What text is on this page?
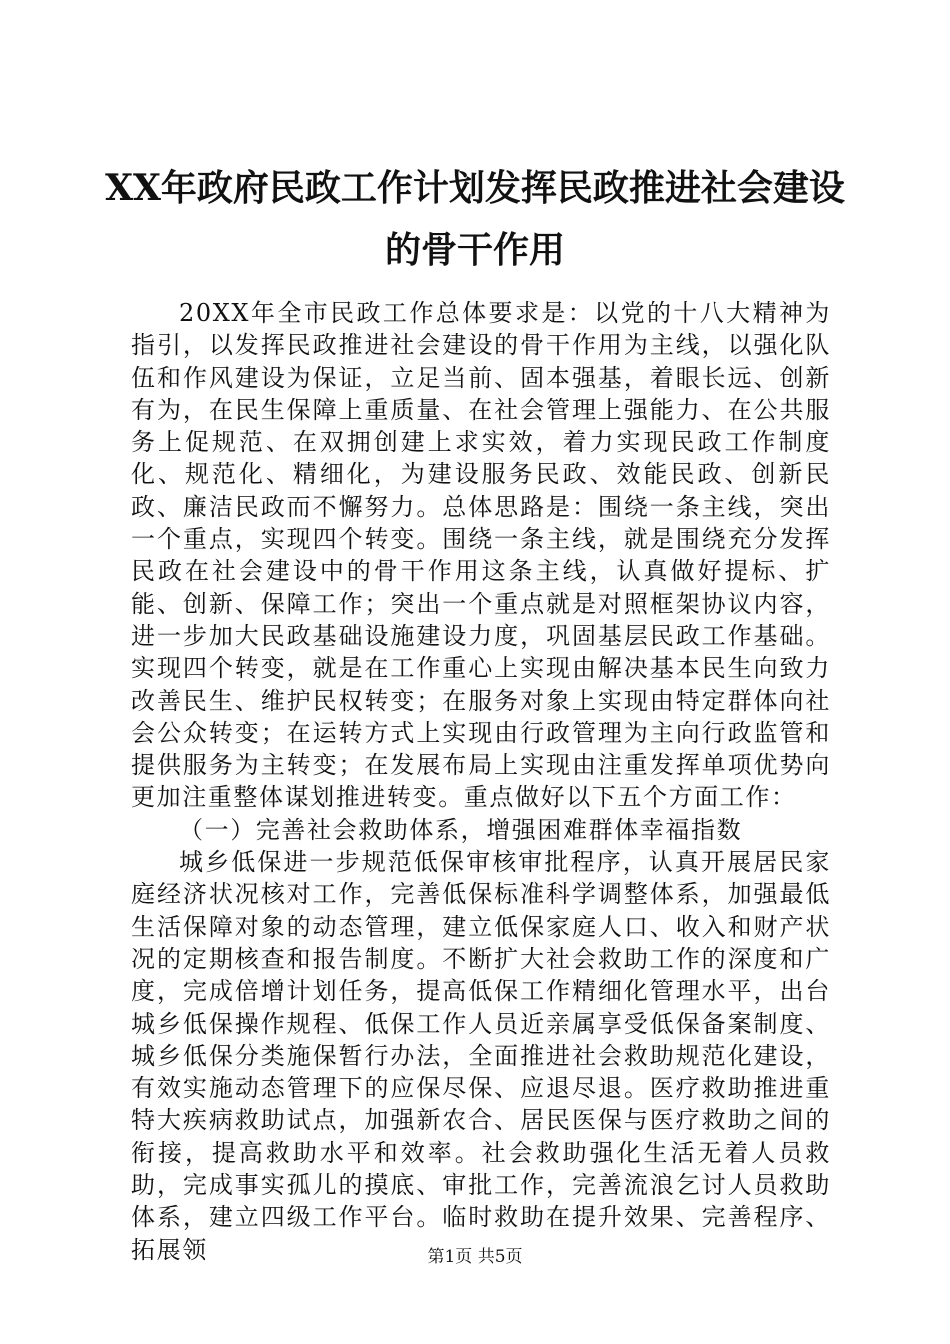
XX年政府民政工作计划发挥民政推进社会建设的骨干作用

20XX年全市民政工作总体要求是：以党的十八大精神为指引，以发挥民政推进社会建设的骨干作用为主线，以强化队伍和作风建设为保证，立足当前、固本强基，着眼长远、创新有为，在民生保障上重质量、在社会管理上强能力、在公共服务上促规范、在双拥创建上求实效，着力实现民政工作制度化、规范化、精细化，为建设服务民政、效能民政、创新民政、廉洁民政而不懈努力。总体思路是：围绕一条主线，突出一个重点，实现四个转变。围绕一条主线，就是围绕充分发挥民政在社会建设中的骨干作用这条主线，认真做好提标、扩能、创新、保障工作；突出一个重点就是对照框架协议内容，进一步加大民政基础设施建设力度，巩固基层民政工作基础。实现四个转变，就是在工作重心上实现由解决基本民生向致力改善民生、维护民权转变；在服务对象上实现由特定群体向社会公众转变；在运转方式上实现由行政管理为主向行政监管和提供服务为主转变；在发展布局上实现由注重发挥单项优势向更加注重整体谋划推进转变。重点做好以下五个方面工作：

（一）完善社会救助体系，增强困难群体幸福指数

城乡低保进一步规范低保审核审批程序，认真开展居民家庭经济状况核对工作，完善低保标准科学调整体系，加强最低生活保障对象的动态管理，建立低保家庭人口、收入和财产状况的定期核查和报告制度。不断扩大社会救助工作的深度和广度，完成倍增计划任务，提高低保工作精细化管理水平，出台城乡低保操作规程、低保工作人员近亲属享受低保备案制度、城乡低保分类施保暂行办法，全面推进社会救助规范化建设，有效实施动态管理下的应保尽保、应退尽退。医疗救助推进重特大疾病救助试点，加强新农合、居民医保与医疗救助之间的衔接，提高救助水平和效率。社会救助强化生活无着人员救助，完成事实孤儿的摸底、审批工作，完善流浪乞讨人员救助体系，建立四级工作平台。临时救助在提升效果、完善程序、拓展领	第1页 共5页
